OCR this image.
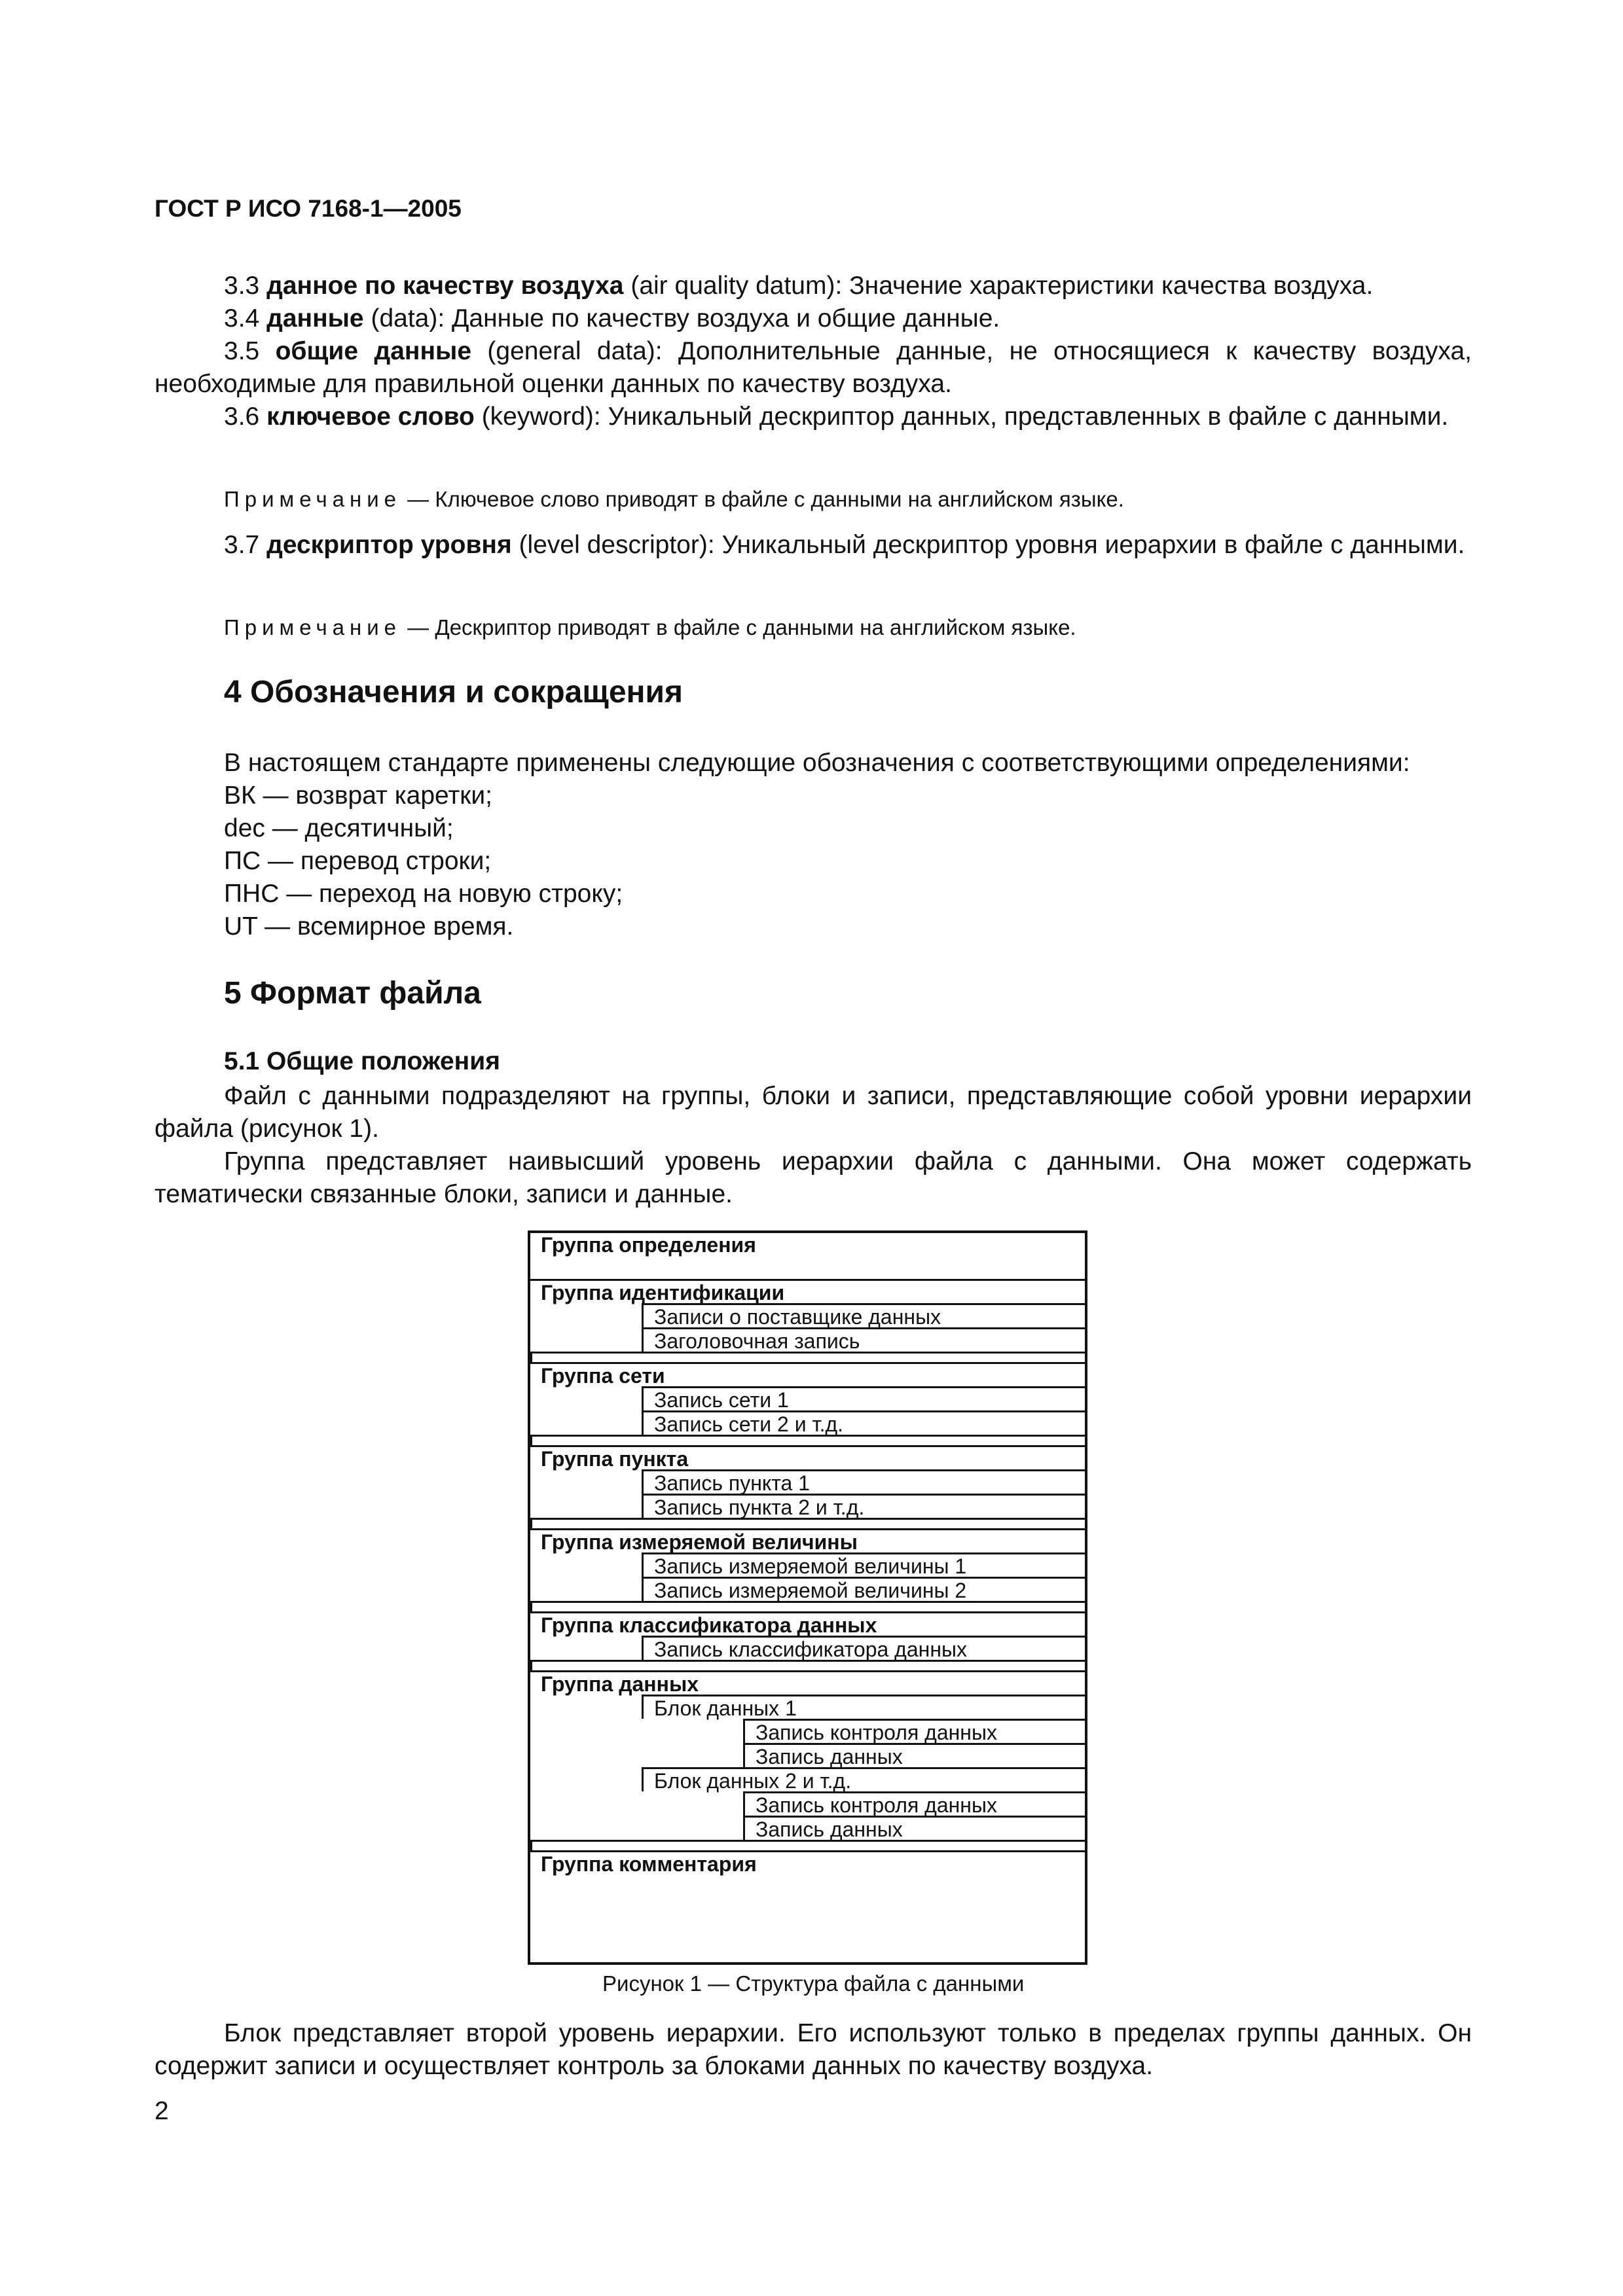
ГОСТ Р ИСО 7168-1—2005

3.3 данное по качеству воздуха (air quality datum): Значение характеристики качества воздуха.

3.4 данные (data): Данные по качеству воздуха и общие данные.

3.5 общие данные (general data): Дополнительные данные, не относящиеся к качеству воздуха, необходимые для правильной оценки данных по качеству воздуха.

3.6 ключевое слово (keyword): Уникальный дескриптор данных, представленных в файле с данными.

Примечание — Ключевое слово приводят в файле с данными на английском языке.

3.7 дескриптор уровня (level descriptor): Уникальный дескриптор уровня иерархии в файле с данными.

Примечание — Дескриптор приводят в файле с данными на английском языке.

4 Обозначения и сокращения

В настоящем стандарте применены следующие обозначения с соответствующими определениями:

ВК — возврат каретки;

dec — десятичный;

ПС — перевод строки;

ПНС — переход на новую строку;

UT — всемирное время.

5 Формат файла
5.1 Общие положения

Файл с данными подразделяют на группы, блоки и записи, представляющие собой уровни иерархии файла (рисунок 1).

Группа представляет наивысший уровень иерархии файла с данными. Она может содержать тематически связанные блоки, записи и данные.

Группа определения
Группа идентификации
Записи о поставщике данных
Заголовочная запись
Группа сети
Запись сети 1
Запись сети 2 и т.д.
Группа пункта
Запись пункта 1
Запись пункта 2 и т.д.
Группа измеряемой величины
Запись измеряемой величины 1
Запись измеряемой величины 2
Группа классификатора данных
Запись классификатора данных
Группа данных
Блок данных 1
Запись контроля данных
Запись данных
Блок данных 2 и т.д.
Запись контроля данных
Запись данных
Группа комментария

Рисунок 1 — Структура файла с данными

Блок представляет второй уровень иерархии. Его используют только в пределах группы данных. Он содержит записи и осуществляет контроль за блоками данных по качеству воздуха.

2
